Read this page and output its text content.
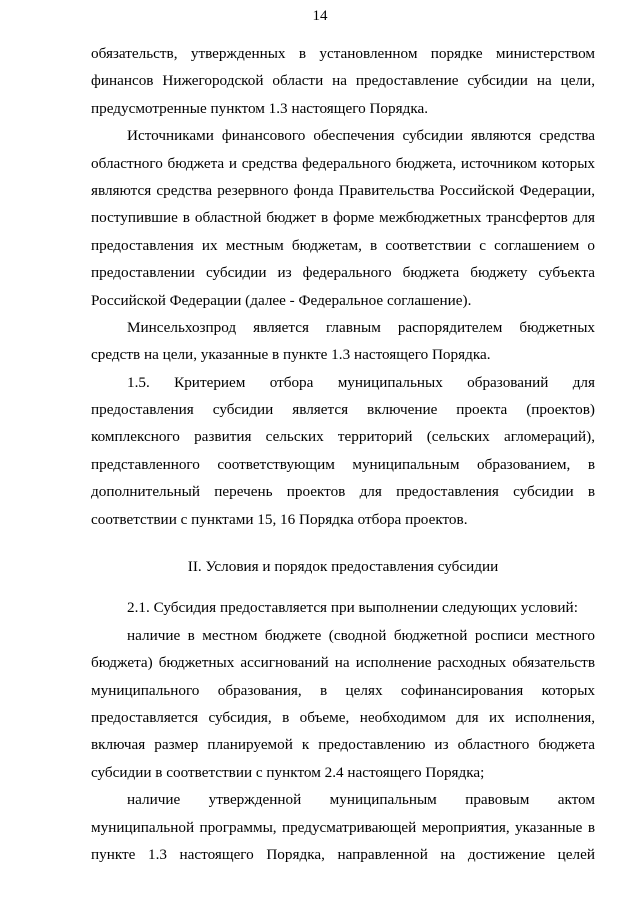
14
обязательств, утвержденных в установленном порядке министерством
финансов Нижегородской области на предоставление субсидии на цели,
предусмотренные пунктом 1.3 настоящего Порядка.
Источниками финансового обеспечения субсидии являются средства
областного бюджета и средства федерального бюджета, источником которых
являются средства резервного фонда Правительства Российской Федерации,
поступившие в областной бюджет в форме межбюджетных трансфертов для
предоставления их местным бюджетам, в соответствии с соглашением о
предоставлении субсидии из федерального бюджета бюджету субъекта
Российской Федерации (далее - Федеральное соглашение).
Минсельхозпрод является главным распорядителем бюджетных
средств на цели, указанные в пункте 1.3 настоящего Порядка.
1.5. Критерием отбора муниципальных образований для
предоставления субсидии является включение проекта (проектов)
комплексного развития сельских территорий (сельских агломераций),
представленного соответствующим муниципальным образованием, в
дополнительный перечень проектов для предоставления субсидии в
соответствии с пунктами 15, 16 Порядка отбора проектов.
II. Условия и порядок предоставления субсидии
2.1. Субсидия предоставляется при выполнении следующих условий:
наличие в местном бюджете (сводной бюджетной росписи местного
бюджета) бюджетных ассигнований на исполнение расходных обязательств
муниципального образования, в целях софинансирования которых
предоставляется субсидия, в объеме, необходимом для их исполнения,
включая размер планируемой к предоставлению из областного бюджета
субсидии в соответствии с пунктом 2.4 настоящего Порядка;
наличие утвержденной муниципальным правовым актом
муниципальной программы, предусматривающей мероприятия, указанные в
пункте 1.3 настоящего Порядка, направленной на достижение целей
